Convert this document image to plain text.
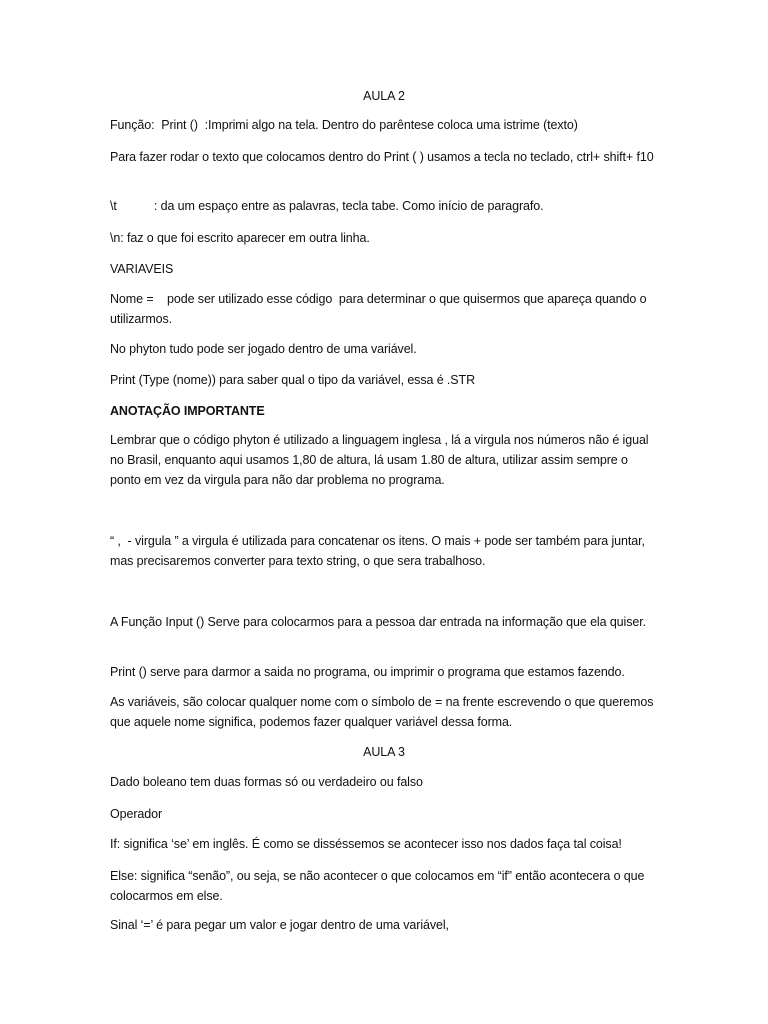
AULA 2
Função:  Print ()  :Imprimi algo na tela. Dentro do parêntese coloca uma istrime (texto)
Para fazer rodar o texto que colocamos dentro do Print ( ) usamos a tecla no teclado, ctrl+ shift+ f10
\t           : da um espaço entre as palavras, tecla tabe. Como início de paragrafo.
\n: faz o que foi escrito aparecer em outra linha.
VARIAVEIS
Nome =    pode ser utilizado esse código  para determinar o que quisermos que apareça quando o utilizarmos.
No phyton tudo pode ser jogado dentro de uma variável.
Print (Type (nome)) para saber qual o tipo da variável, essa é .STR
ANOTAÇÃO IMPORTANTE
Lembrar que o código phyton é utilizado a linguagem inglesa , lá a virgula nos números não é igual no Brasil, enquanto aqui usamos 1,80 de altura, lá usam 1.80 de altura, utilizar assim sempre o ponto em vez da virgula para não dar problema no programa.
“ ,  - virgula ” a virgula é utilizada para concatenar os itens. O mais + pode ser também para juntar, mas precisaremos converter para texto string, o que sera trabalhoso.
A Função Input () Serve para colocarmos para a pessoa dar entrada na informação que ela quiser.
Print () serve para darmor a saida no programa, ou imprimir o programa que estamos fazendo.
As variáveis, são colocar qualquer nome com o símbolo de = na frente escrevendo o que queremos que aquele nome significa, podemos fazer qualquer variável dessa forma.
AULA 3
Dado boleano tem duas formas só ou verdadeiro ou falso
Operador
If: significa ‘se’ em inglês. É como se disséssemos se acontecer isso nos dados faça tal coisa!
Else: significa “senão”, ou seja, se não acontecer o que colocamos em “if” então acontecera o que colocarmos em else.
Sinal ‘=’ é para pegar um valor e jogar dentro de uma variável,
